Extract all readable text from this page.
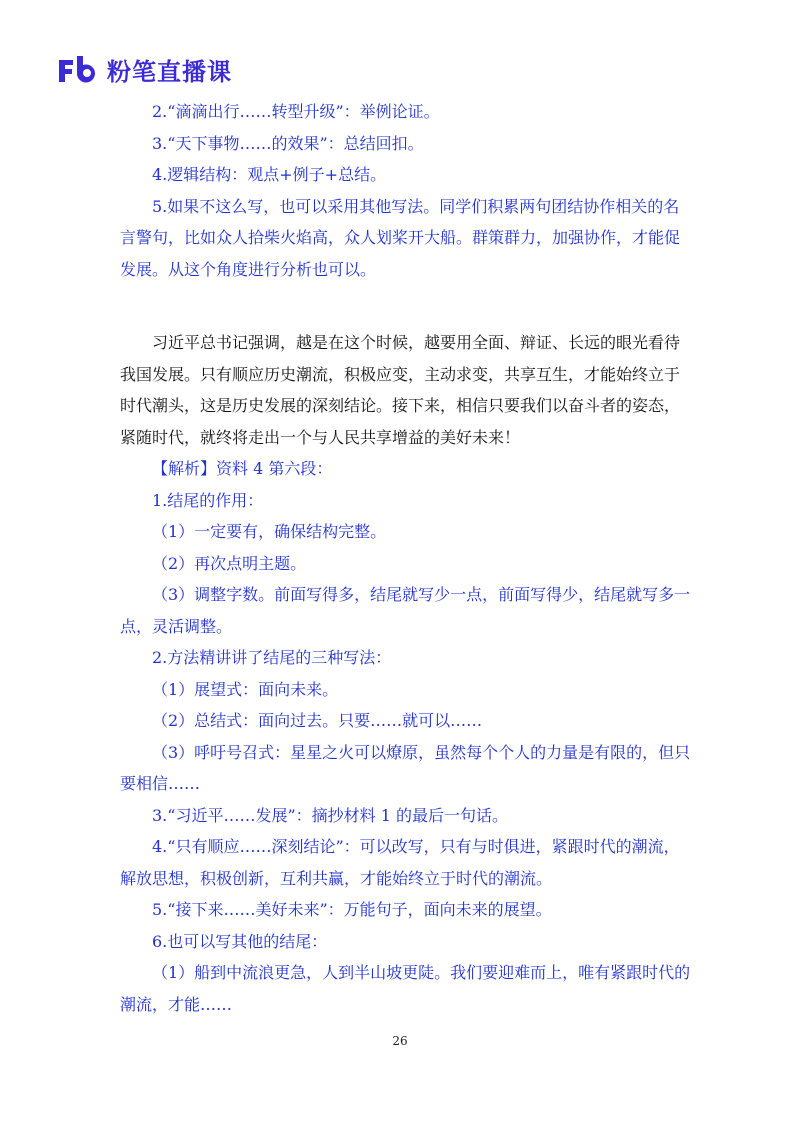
粉笔直播课

2.“滴滴出行……转型升级”：举例论证。

3.“天下事物……的效果”：总结回扣。

4.逻辑结构：观点+例子+总结。

5.如果不这么写，也可以采用其他写法。同学们积累两句团结协作相关的名言警句，比如众人拾柴火焰高，众人划桨开大船。群策群力，加强协作，才能促发展。从这个角度进行分析也可以。

习近平总书记强调，越是在这个时候，越要用全面、辩证、长远的眼光看待我国发展。只有顺应历史潮流，积极应变，主动求变，共享互生，才能始终立于时代潮头，这是历史发展的深刻结论。接下来，相信只要我们以奋斗者的姿态，紧随时代，就终将走出一个与人民共享增益的美好未来！

【解析】资料 4 第六段：

1.结尾的作用：

（1）一定要有，确保结构完整。

（2）再次点明主题。

（3）调整字数。前面写得多，结尾就写少一点，前面写得少，结尾就写多一点，灵活调整。

2.方法精讲讲了结尾的三种写法：

（1）展望式：面向未来。

（2）总结式：面向过去。只要……就可以……

（3）呼吁号召式：星星之火可以燎原，虽然每个个人的力量是有限的，但只要相信……

3.“习近平……发展”：摘抄材料 1 的最后一句话。

4.“只有顺应……深刻结论”：可以改写，只有与时俱进，紧跟时代的潮流，解放思想，积极创新，互利共赢，才能始终立于时代的潮流。

5.“接下来……美好未来”：万能句子，面向未来的展望。

6.也可以写其他的结尾：

（1）船到中流浪更急，人到半山坡更陡。我们要迎难而上，唯有紧跟时代的潮流，才能……

26
